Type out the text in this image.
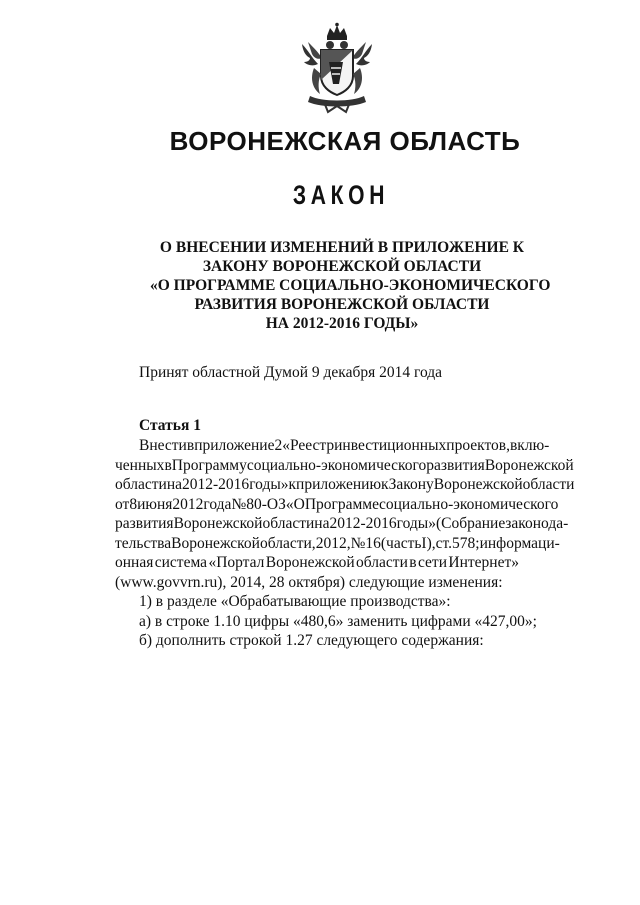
ВОРОНЕЖСКАЯ ОБЛАСТЬ
ЗАКОН
О ВНЕСЕНИИ ИЗМЕНЕНИЙ В ПРИЛОЖЕНИЕ К
ЗАКОНУ ВОРОНЕЖСКОЙ ОБЛАСТИ
«О ПРОГРАММЕ СОЦИАЛЬНО-ЭКОНОМИЧЕСКОГО
РАЗВИТИЯ ВОРОНЕЖСКОЙ ОБЛАСТИ
НА 2012-2016 ГОДЫ»
Принят областной Думой 9 декабря 2014 года
Статья 1
Внести в приложение 2 «Реестр инвестиционных проектов, вклю-
ченных в Программу социально-экономического развития Воронежской
области на 2012-2016 годы» к приложению к Закону Воронежской области
от 8 июня 2012 года № 80-ОЗ «О Программе социально-экономического
развития Воронежской области на 2012-2016 годы» (Собрание законода-
тельства Воронежской области, 2012, № 16 (часть I), ст. 578; информаци-
онная система «Портал Воронежской области в сети Интернет»
(www.govvrn.ru), 2014, 28 октября) следующие изменения:
1) в разделе «Обрабатывающие производства»:
а) в строке 1.10 цифры «480,6» заменить цифрами «427,00»;
б) дополнить строкой 1.27 следующего содержания:
